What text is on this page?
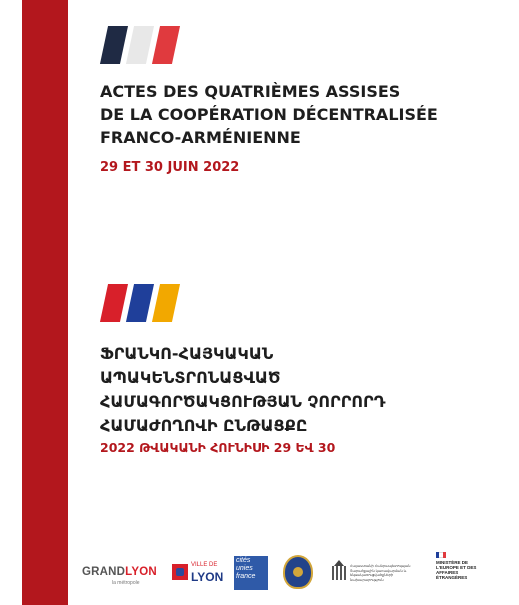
ACTES DES QUATRIÈMES ASSISES
DE LA COOPÉRATION DÉCENTRALISÉE
FRANCO-ARMÉNIENNE
29 ET 30 JUIN 2022
ՖՐԱՆԿՈ-ՀԱՅԿԱԿԱՆ
ԱՊԱԿԵՆՏՐՈՆԱՑՎԱԾ
ՀԱՄԱԳՈՐԾԱԿՑՈՒԹՅԱՆ ՉՈՐՐՈՐԴ
ՀԱՄԱԺՈՂՈՎԻ ԸՆԹԱՑՔԸ
2022 ԹՎԱԿԱՆԻ ՀՈՒՆԻՍԻ 29 ԵՎ 30
GRANDLYON
la métropole
VILLE DE
LYON
cités unies france
Հայաստանի Հանրապետության Տարածքային կառավարման և ենթակառուցվածքների նախարարություն
MINISTÈRE DE L'EUROPE ET DES AFFAIRES ÉTRANGÈRES
